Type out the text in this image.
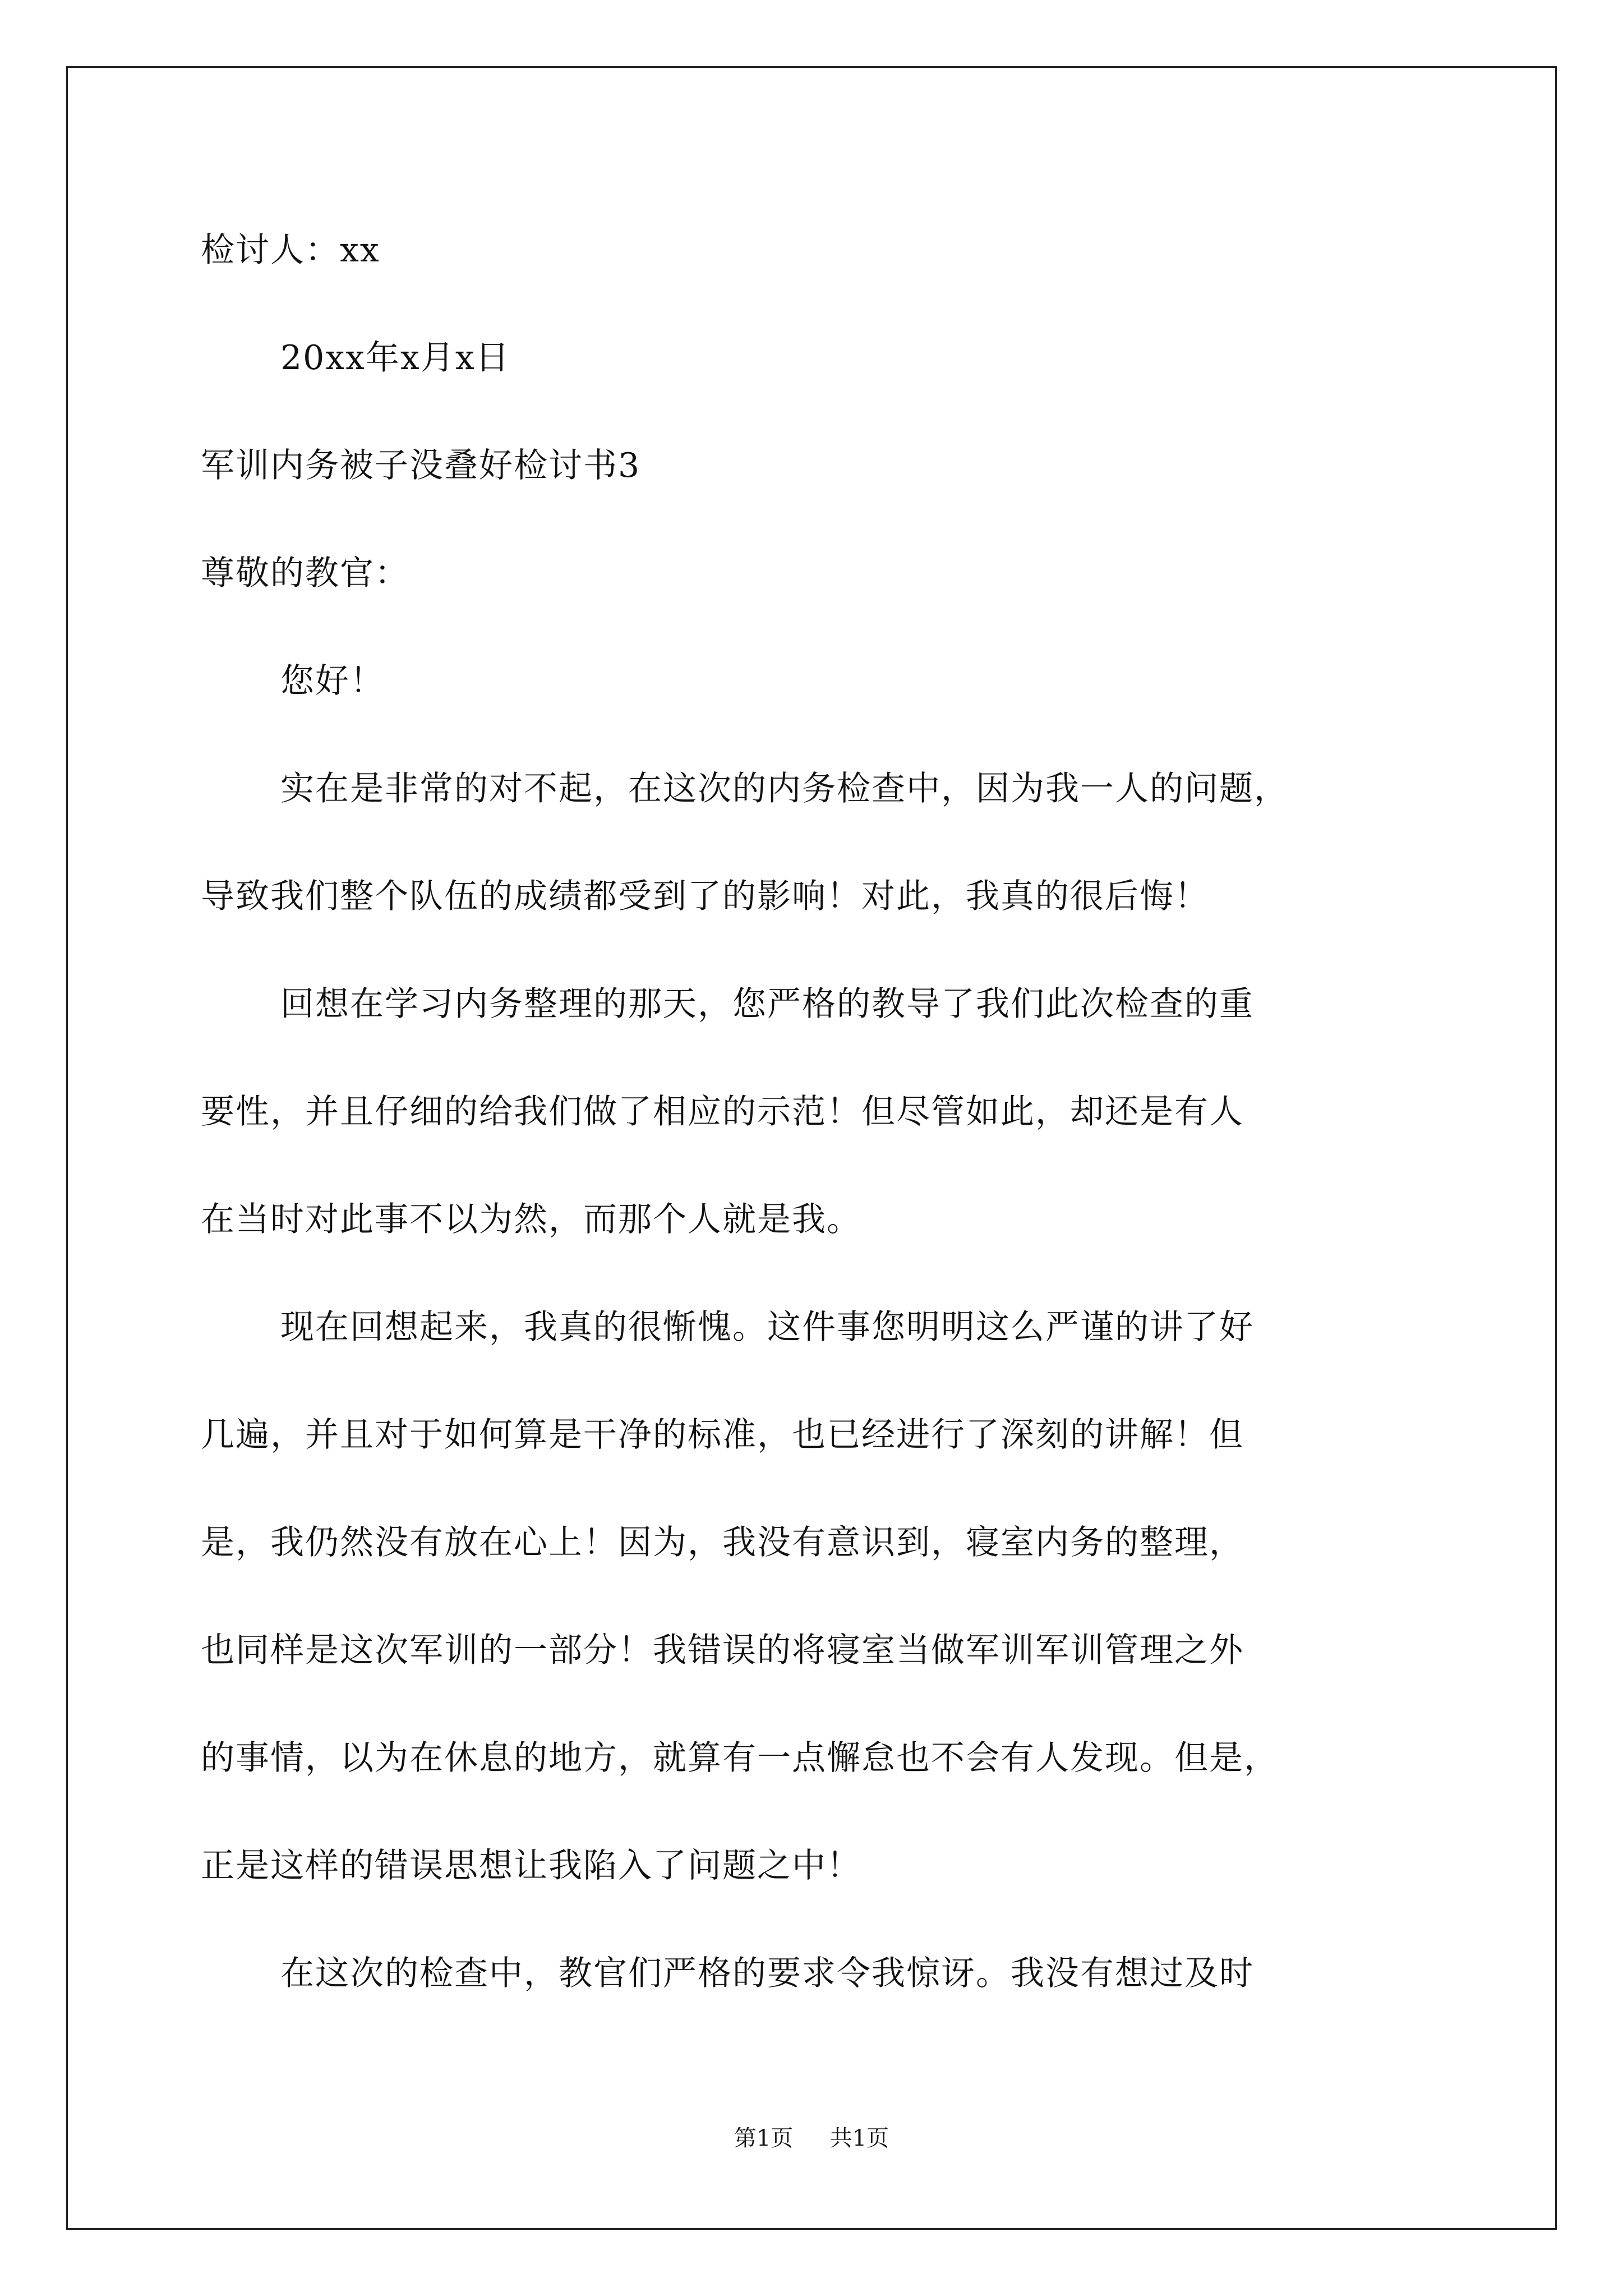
检讨人：xx
20xx年x月x日
军训内务被子没叠好检讨书3
尊敬的教官：
您好！
实在是非常的对不起，在这次的内务检查中，因为我一人的问题，
导致我们整个队伍的成绩都受到了的影响！对此，我真的很后悔！
回想在学习内务整理的那天，您严格的教导了我们此次检查的重
要性，并且仔细的给我们做了相应的示范！但尽管如此，却还是有人
在当时对此事不以为然，而那个人就是我。
现在回想起来，我真的很惭愧。这件事您明明这么严谨的讲了好
几遍，并且对于如何算是干净的标准，也已经进行了深刻的讲解！但
是，我仍然没有放在心上！因为，我没有意识到，寝室内务的整理，
也同样是这次军训的一部分！我错误的将寝室当做军训军训管理之外
的事情，以为在休息的地方，就算有一点懈怠也不会有人发现。但是，
正是这样的错误思想让我陷入了问题之中！
在这次的检查中，教官们严格的要求令我惊讶。我没有想过及时
第1页 共1页
